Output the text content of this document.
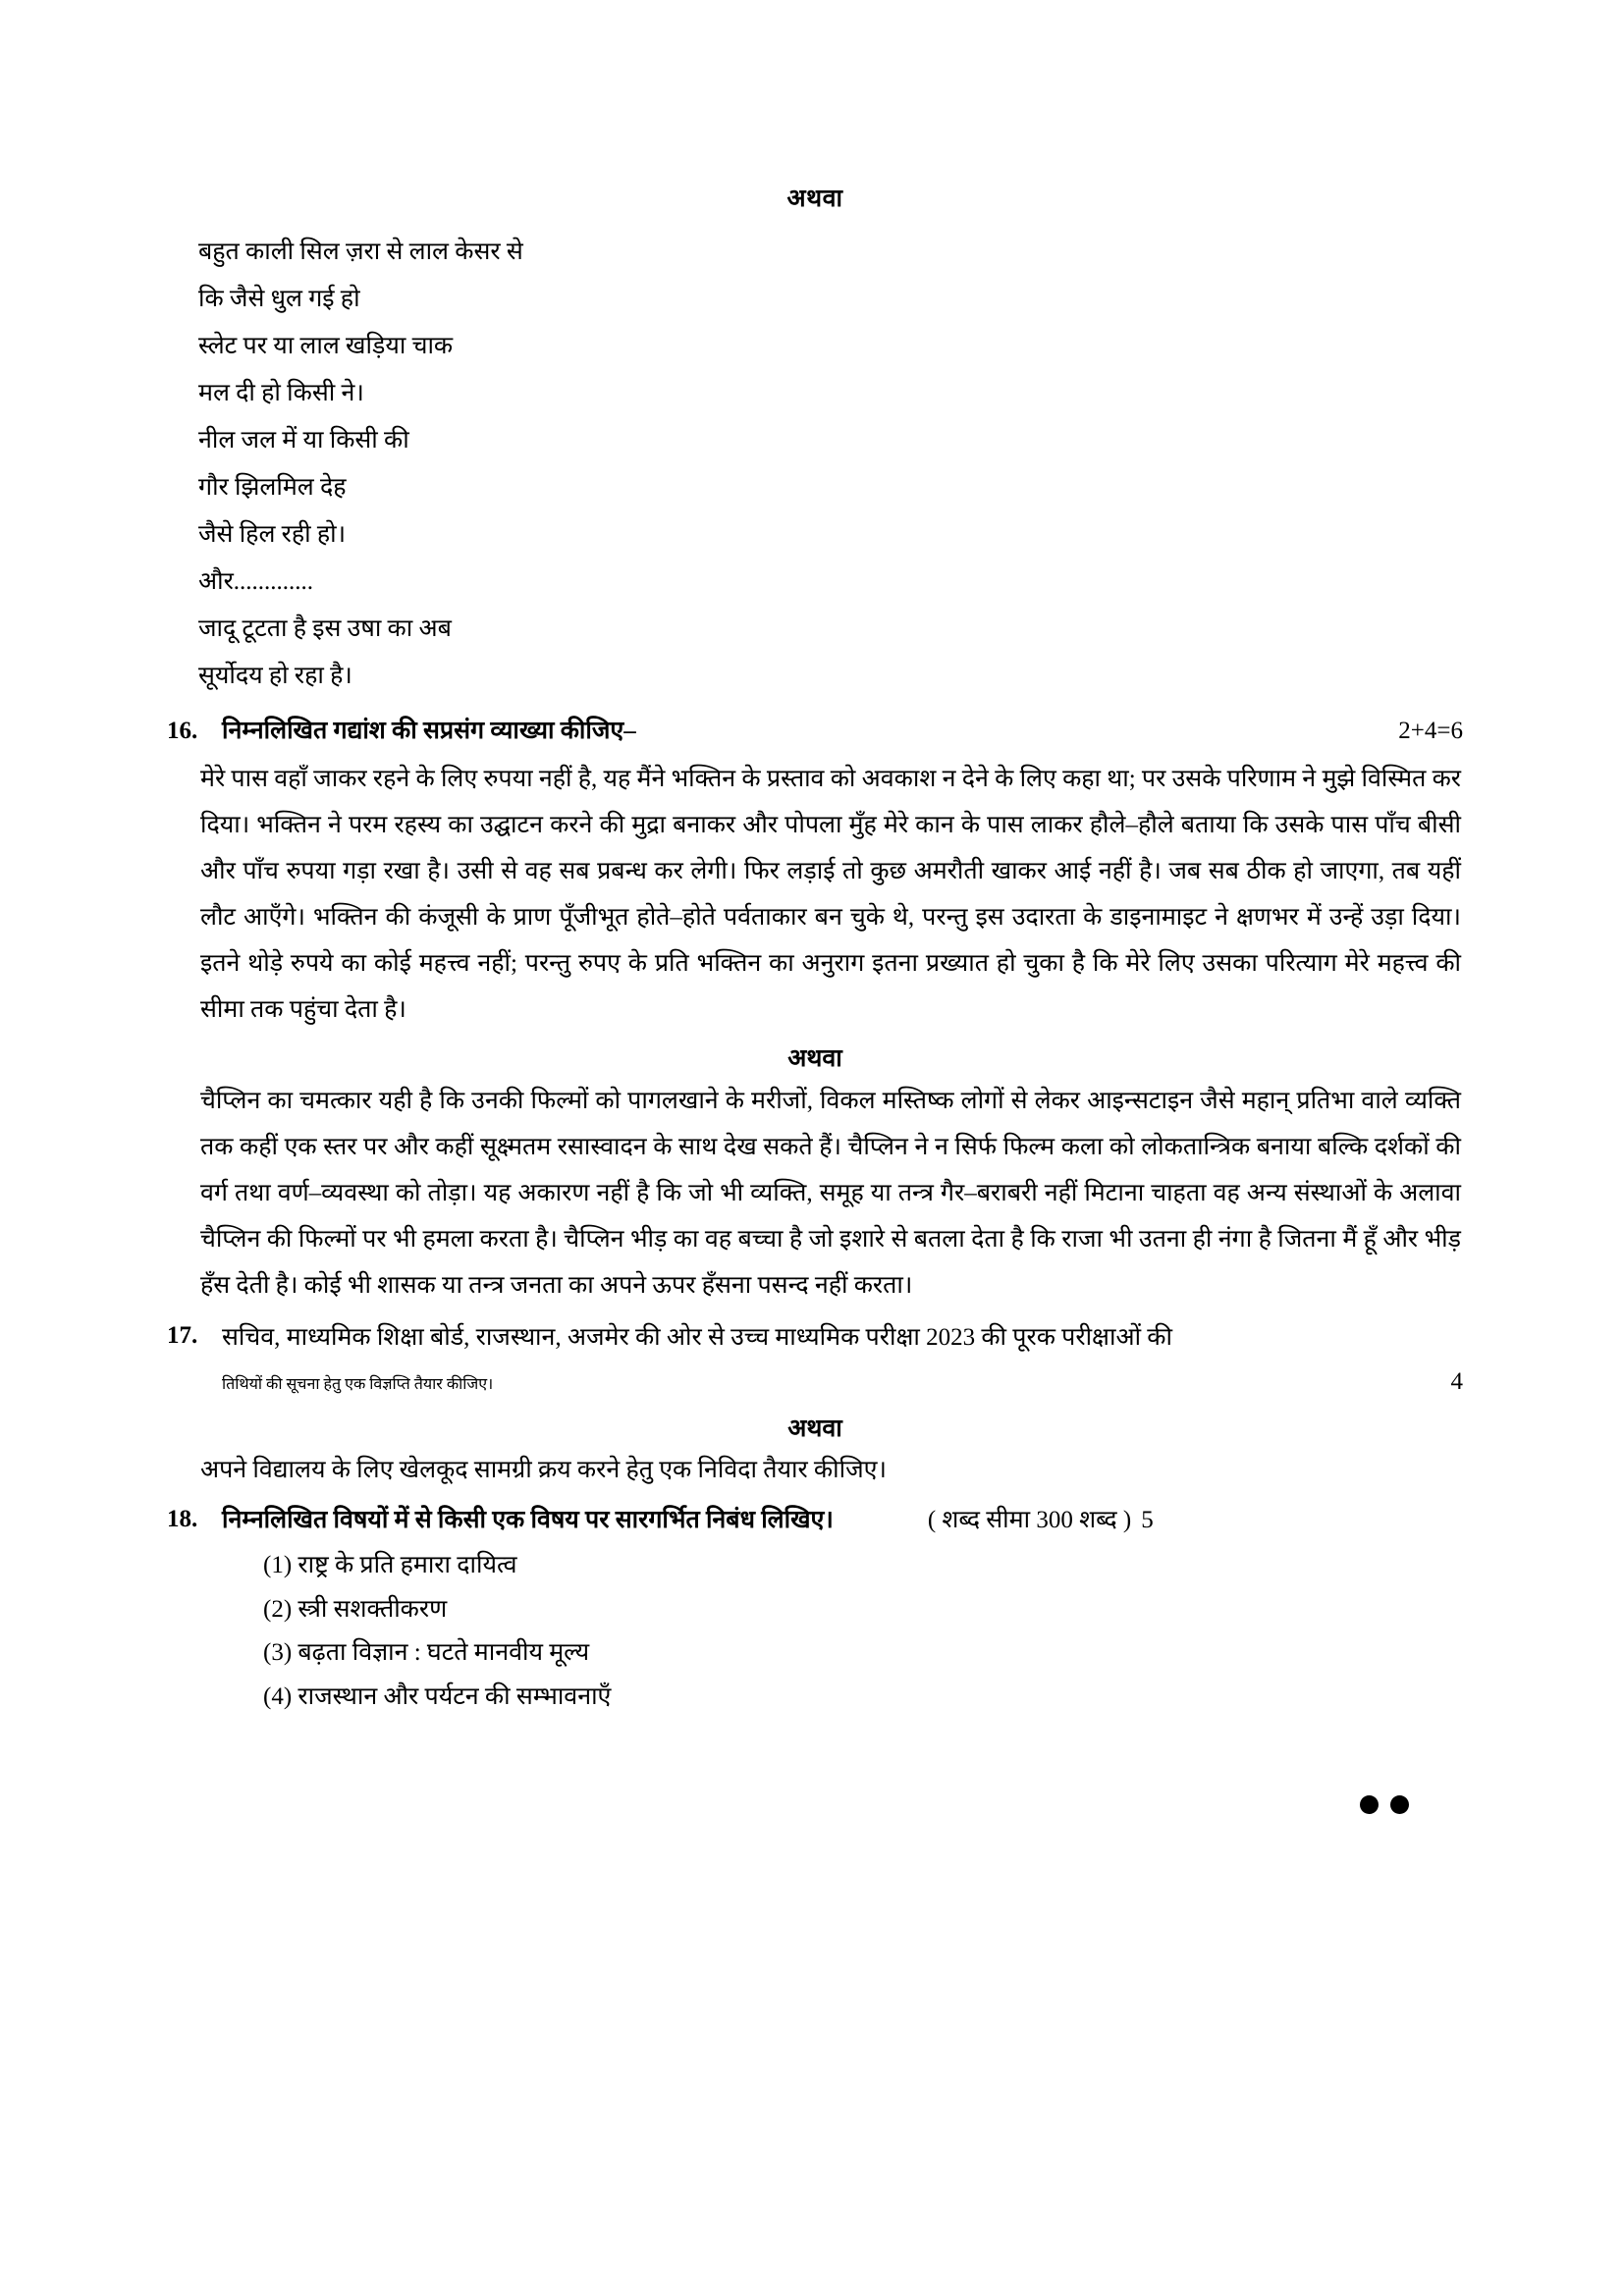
अथवा
बहुत काली सिल ज़रा से लाल केसर से
कि जैसे धुल गई हो
स्लेट पर या लाल खड़िया चाक
मल दी हो किसी ने।
नील जल में या किसी की
गौर झिलमिल देह
जैसे हिल रही हो।
और.............
जादू टूटता है इस उषा का अब
सूर्योदय हो रहा है।
16. निम्नलिखित गद्यांश की सप्रसंग व्याख्या कीजिए–	2+4=6
मेरे पास वहाँ जाकर रहने के लिए रुपया नहीं है, यह मैंने भक्तिन के प्रस्ताव को अवकाश न देने के लिए कहा था; पर उसके परिणाम ने मुझे विस्मित कर दिया। भक्तिन ने परम रहस्य का उद्घाटन करने की मुद्रा बनाकर और पोपला मुँह मेरे कान के पास लाकर हौले–हौले बताया कि उसके पास पाँच बीसी और पाँच रुपया गड़ा रखा है। उसी से वह सब प्रबन्ध कर लेगी। फिर लड़ाई तो कुछ अमरौती खाकर आई नहीं है। जब सब ठीक हो जाएगा, तब यहीं लौट आएँगे। भक्तिन की कंजूसी के प्राण पूँजीभूत होते–होते पर्वताकार बन चुके थे, परन्तु इस उदारता के डाइनामाइट ने क्षणभर में उन्हें उड़ा दिया। इतने थोड़े रुपये का कोई महत्त्व नहीं; परन्तु रुपए के प्रति भक्तिन का अनुराग इतना प्रख्यात हो चुका है कि मेरे लिए उसका परित्याग मेरे महत्त्व की सीमा तक पहुंचा देता है।
अथवा
चैप्लिन का चमत्कार यही है कि उनकी फिल्मों को पागलखाने के मरीजों, विकल मस्तिष्क लोगों से लेकर आइन्सटाइन जैसे महान् प्रतिभा वाले व्यक्ति तक कहीं एक स्तर पर और कहीं सूक्ष्मतम रसास्वादन के साथ देख सकते हैं। चैप्लिन ने न सिर्फ फिल्म कला को लोकतान्त्रिक बनाया बल्कि दर्शकों की वर्ग तथा वर्ण–व्यवस्था को तोड़ा। यह अकारण नहीं है कि जो भी व्यक्ति, समूह या तन्त्र गैर–बराबरी नहीं मिटाना चाहता वह अन्य संस्थाओं के अलावा चैप्लिन की फिल्मों पर भी हमला करता है। चैप्लिन भीड़ का वह बच्चा है जो इशारे से बतला देता है कि राजा भी उतना ही नंगा है जितना मैं हूँ और भीड़ हँस देती है। कोई भी शासक या तन्त्र जनता का अपने ऊपर हँसना पसन्द नहीं करता।
17. सचिव, माध्यमिक शिक्षा बोर्ड, राजस्थान, अजमेर की ओर से उच्च माध्यमिक परीक्षा 2023 की पूरक परीक्षाओं की
तिथियों की सूचना हेतु एक विज्ञप्ति तैयार कीजिए।	4
अथवा
अपने विद्यालय के लिए खेलकूद सामग्री क्रय करने हेतु एक निविदा तैयार कीजिए।
18. निम्नलिखित विषयों में से किसी एक विषय पर सारगर्भित निबंध लिखिए।	( शब्द सीमा 300 शब्द ) 5
(1) राष्ट्र के प्रति हमारा दायित्व
(2) स्त्री सशक्तीकरण
(3) बढ़ता विज्ञान : घटते मानवीय मूल्य
(4) राजस्थान और पर्यटन की सम्भावनाएँ
